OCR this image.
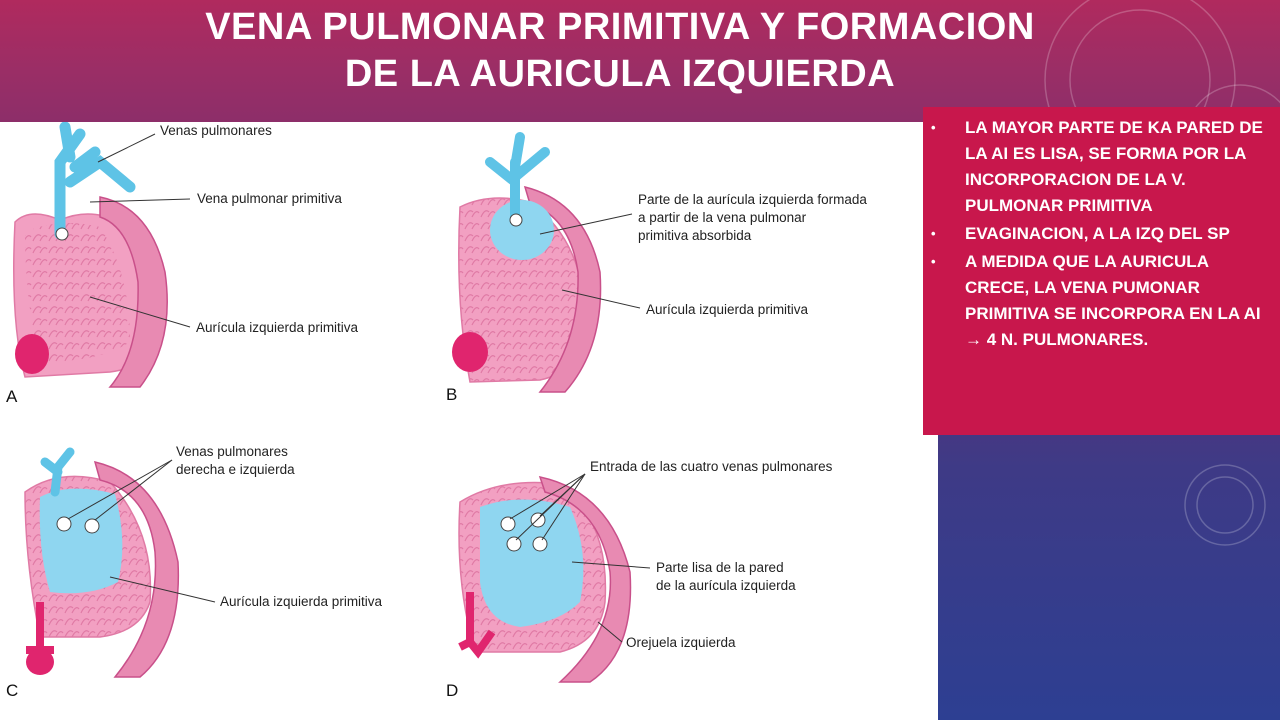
VENA PULMONAR PRIMITIVA Y FORMACION
DE LA AURICULA IZQUIERDA
A
Venas pulmonares
Vena pulmonar primitiva
Aurícula izquierda primitiva
B
Parte de la aurícula izquierda formada
a partir de la vena pulmonar
primitiva absorbida
Aurícula izquierda primitiva
C
Venas pulmonares
derecha e izquierda
Aurícula izquierda primitiva
D
Entrada de las cuatro venas pulmonares
Parte lisa de la pared
de la aurícula izquierda
Orejuela izquierda
• LA MAYOR PARTE DE KA PARED DE LA AI ES LISA, SE FORMA POR LA INCORPORACION DE LA V. PULMONAR PRIMITIVA
• EVAGINACION, A LA IZQ DEL SP
• A MEDIDA QUE LA AURICULA CRECE, LA VENA PUMONAR PRIMITIVA SE INCORPORA EN LA AI → 4 N. PULMONARES.
